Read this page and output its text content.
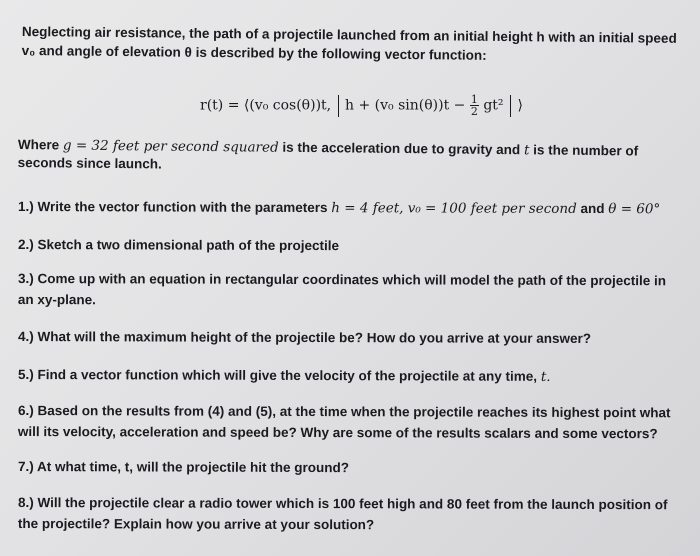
Neglecting air resistance, the path of a projectile launched from an initial height h with an initial speed
v₀ and angle of elevation θ is described by the following vector function:
r(t) = ⟨(v₀ cos(θ))t, h + (v₀ $\sin(\theta))t - \frac{1}{2} gt^2$ ⟩
Where g = 32 feet per second squared is the acceleration due to gravity and t is the number of
seconds since launch.
1.) Write the vector function with the parameters h = 4 feet, v₀ = 100 feet per second and θ = 60°
2.) Sketch a two dimensional path of the projectile
3.) Come up with an equation in rectangular coordinates which will model the path of the projectile in
an xy-plane.
4.) What will the maximum height of the projectile be? How do you arrive at your answer?
5.) Find a vector function which will give the velocity of the projectile at any time, t.
6.) Based on the results from (4) and (5), at the time when the projectile reaches its highest point what
will its velocity, acceleration and speed be? Why are some of the results scalars and some vectors?
7.) At what time, t, will the projectile hit the ground?
8.) Will the projectile clear a radio tower which is 100 feet high and 80 feet from the launch position of
the projectile? Explain how you arrive at your solution?
